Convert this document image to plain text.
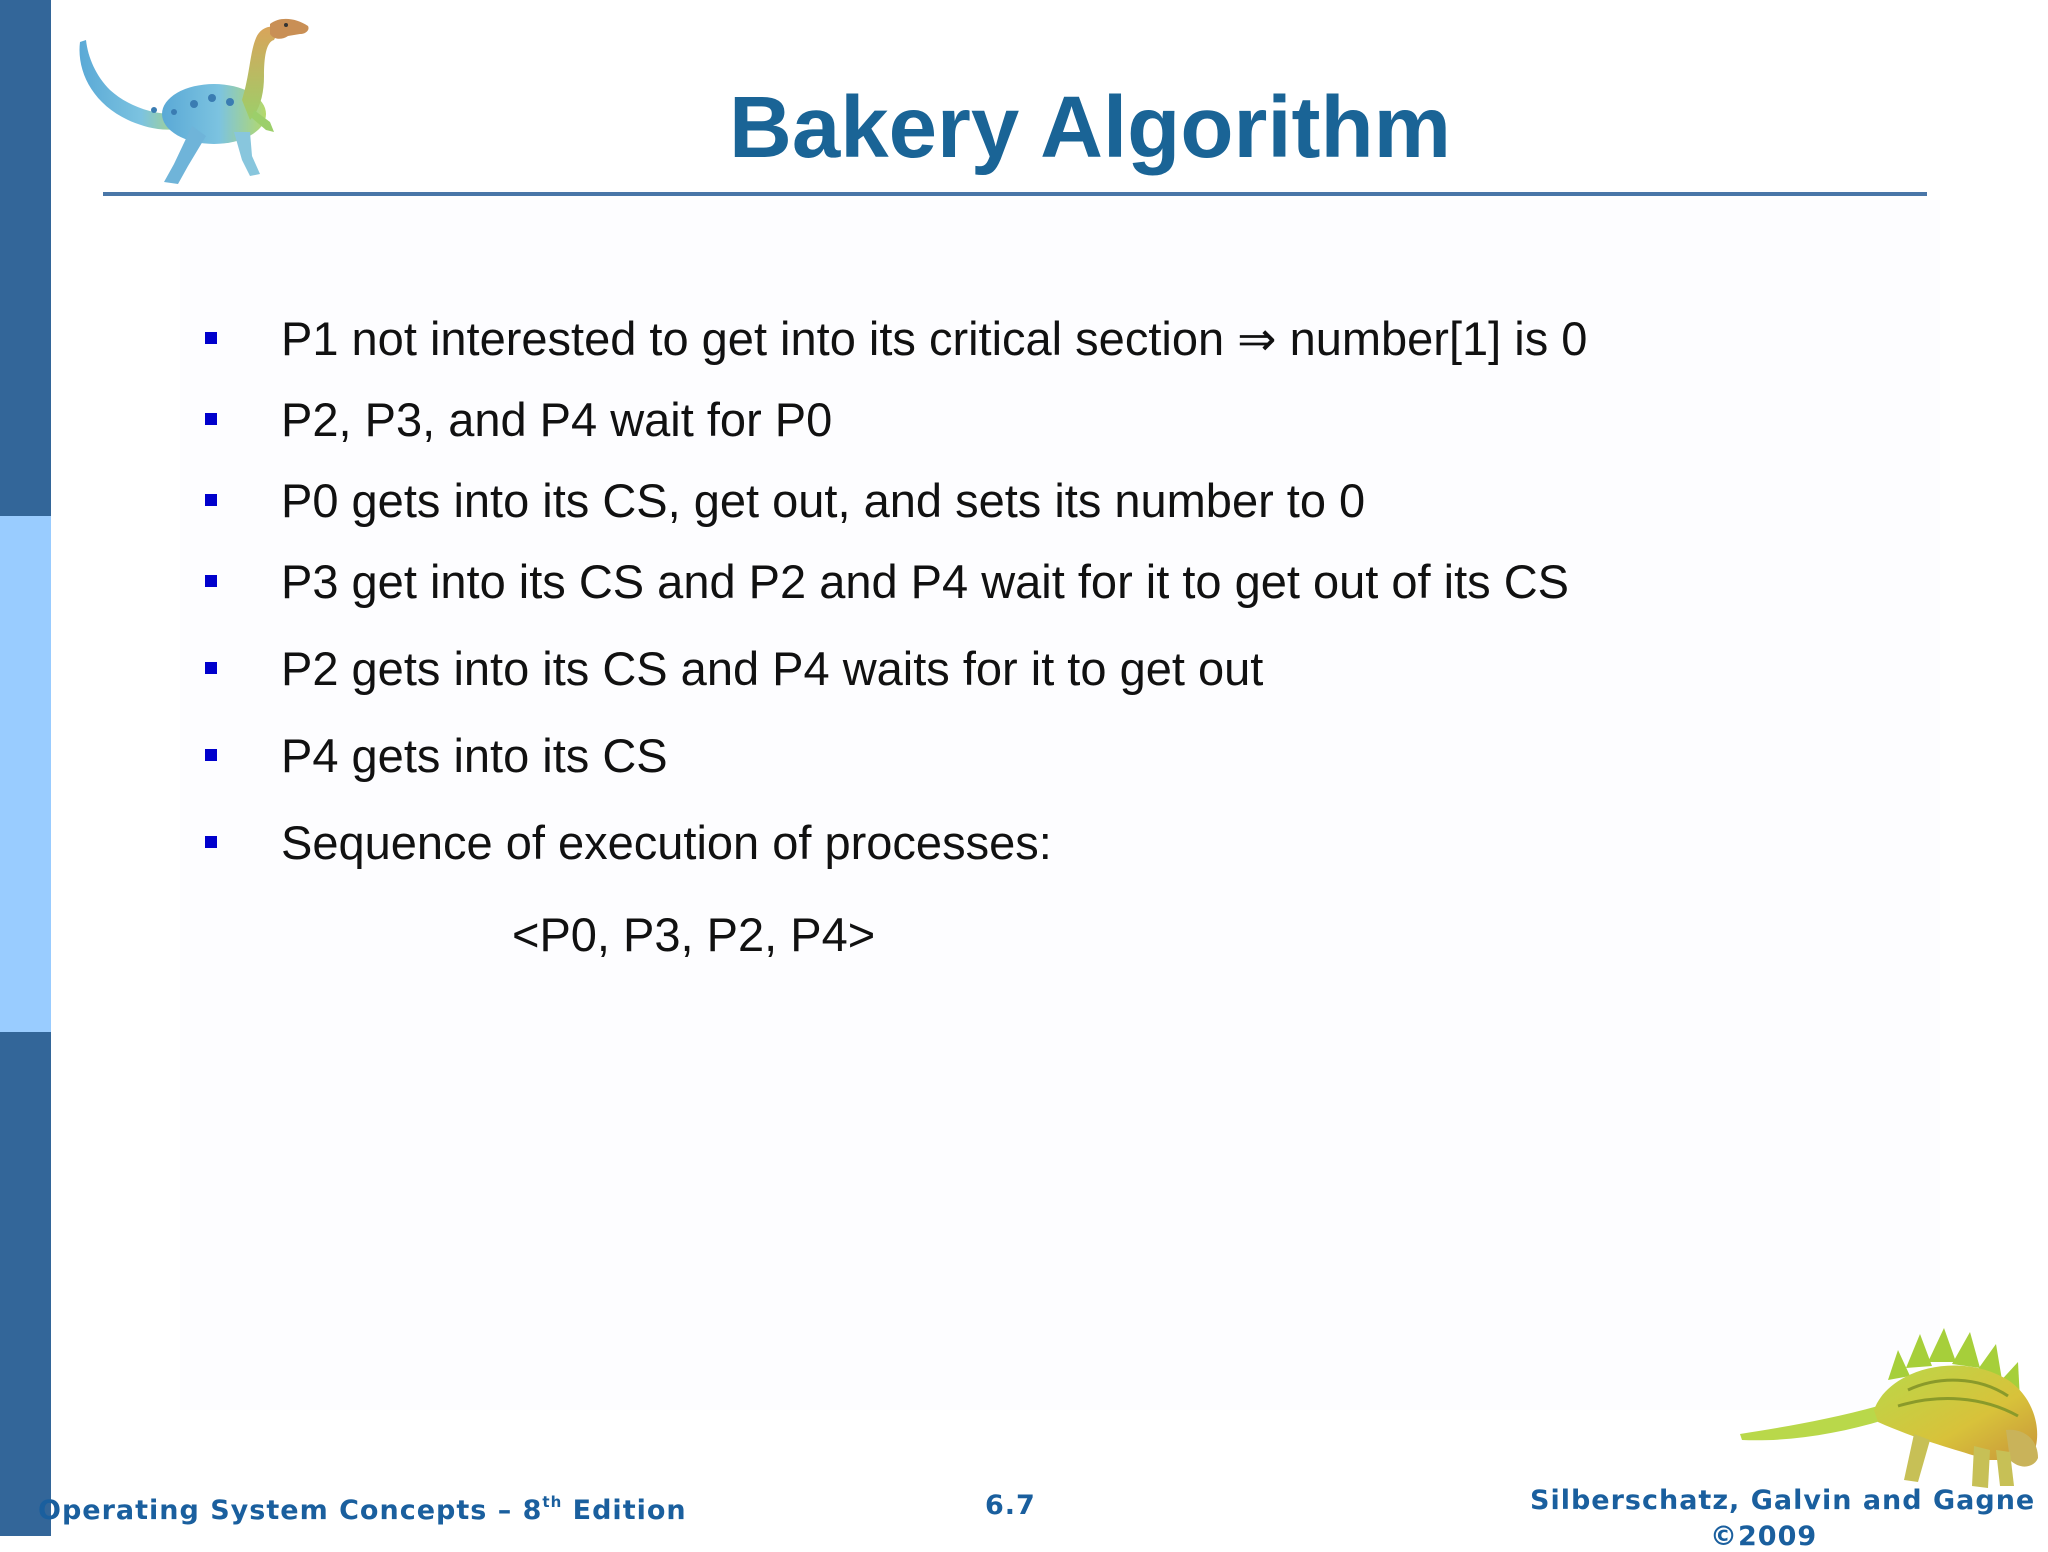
Bakery Algorithm
P1 not interested to get into its critical section ⇒ number[1] is 0
P2, P3, and P4 wait for P0
P0 gets into its CS, get out, and sets its number to 0
P3 get into its CS and P2 and P4 wait for it to get out of its CS
P2 gets into its CS and P4 waits for it to get out
P4 gets into its CS
Sequence of execution of processes:
<P0, P3, P2, P4>
Operating System Concepts – 8th Edition	6.7	Silberschatz, Galvin and Gagne
©2009
